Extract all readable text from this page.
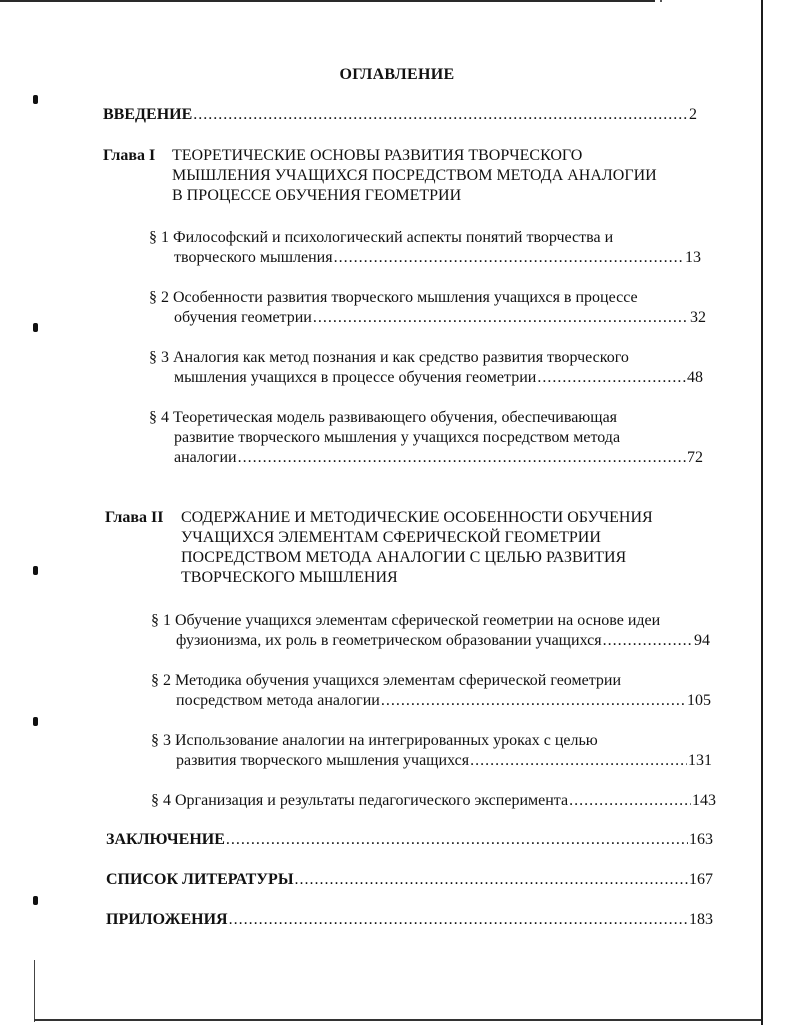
ОГЛАВЛЕНИЕ
ВВЕДЕНИЕ .....	2
Глава I ТЕОРЕТИЧЕСКИЕ ОСНОВЫ РАЗВИТИЯ ТВОРЧЕСКОГО
МЫШЛЕНИЯ УЧАЩИХСЯ ПОСРЕДСТВОМ МЕТОДА АНАЛОГИИ
В ПРОЦЕССЕ ОБУЧЕНИЯ ГЕОМЕТРИИ
§ 1 Философский и психологический аспекты понятий творчества и
творческого мышления .....	13
§ 2 Особенности развития творческого мышления учащихся в процессе
обучения геометрии .....	32
§ 3 Аналогия как метод познания и как средство развития творческого
мышления учащихся в процессе обучения геометрии .....	48
§ 4 Теоретическая модель развивающего обучения, обеспечивающая
развитие творческого мышления у учащихся посредством метода
аналогии .....	72
Глава II СОДЕРЖАНИЕ И МЕТОДИЧЕСКИЕ ОСОБЕННОСТИ ОБУЧЕНИЯ
УЧАЩИХСЯ ЭЛЕМЕНТАМ СФЕРИЧЕСКОЙ ГЕОМЕТРИИ
ПОСРЕДСТВОМ МЕТОДА АНАЛОГИИ С ЦЕЛЬЮ РАЗВИТИЯ
ТВОРЧЕСКОГО МЫШЛЕНИЯ
§ 1 Обучение учащихся элементам сферической геометрии на основе идеи
фузионизма, их роль в геометрическом образовании учащихся .....	94
§ 2 Методика обучения учащихся элементам сферической геометрии
посредством метода аналогии .....	105
§ 3 Использование аналогии на интегрированных уроках с целью
развития творческого мышления учащихся .....	131
§ 4 Организация и результаты педагогического эксперимента .....	143
ЗАКЛЮЧЕНИЕ .....	163
СПИСОК ЛИТЕРАТУРЫ .....	167
ПРИЛОЖЕНИЯ .....	183
